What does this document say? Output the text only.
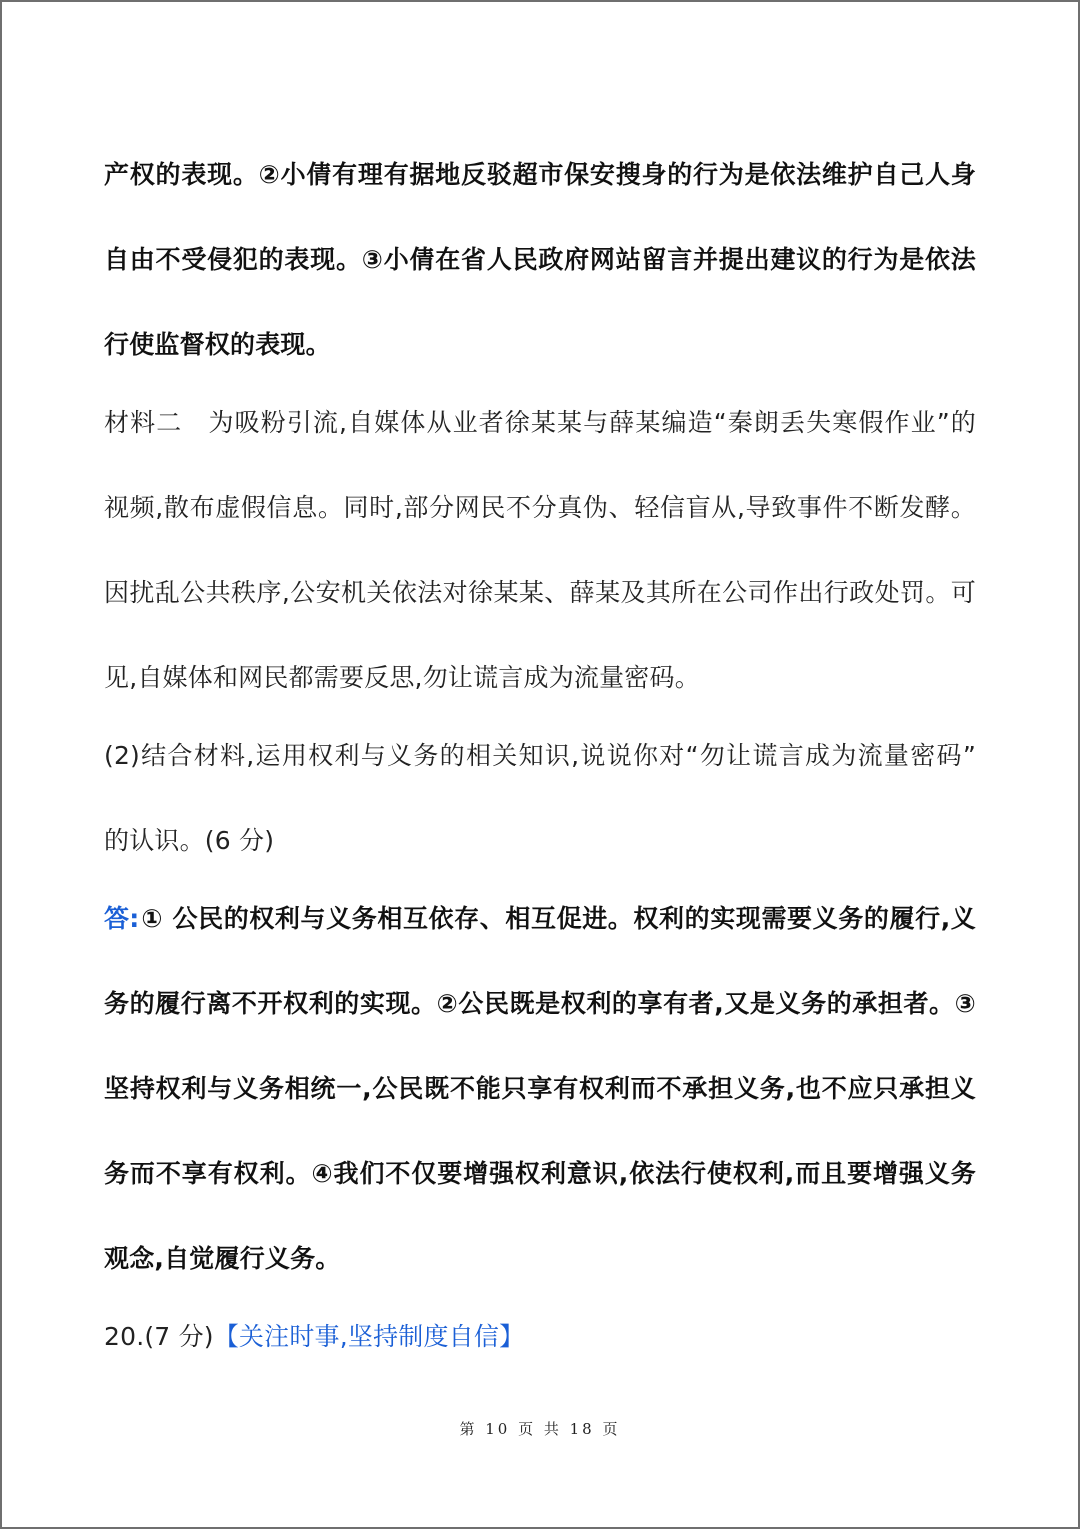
产权的表现。②小倩有理有据地反驳超市保安搜身的行为是依法维护自己人身
自由不受侵犯的表现。③小倩在省人民政府网站留言并提出建议的行为是依法
行使监督权的表现。
材料二　为吸粉引流,自媒体从业者徐某某与薛某编造“秦朗丢失寒假作业”的
视频,散布虚假信息。同时,部分网民不分真伪、轻信盲从,导致事件不断发酵。
因扰乱公共秩序,公安机关依法对徐某某、薛某及其所在公司作出行政处罚。可
见,自媒体和网民都需要反思,勿让谎言成为流量密码。
(2)结合材料,运用权利与义务的相关知识,说说你对“勿让谎言成为流量密码”
的认识。(6 分)
答: ① 公民的权利与义务相互依存、相互促进。权利的实现需要义务的履行,义
务的履行离不开权利的实现。②公民既是权利的享有者,又是义务的承担者。③
坚持权利与义务相统一,公民既不能只享有权利而不承担义务,也不应只承担义
务而不享有权利。④我们不仅要增强权利意识,依法行使权利,而且要增强义务
观念,自觉履行义务。
20.(7 分)【关注时事,坚持制度自信】
第 10 页 共 18 页
